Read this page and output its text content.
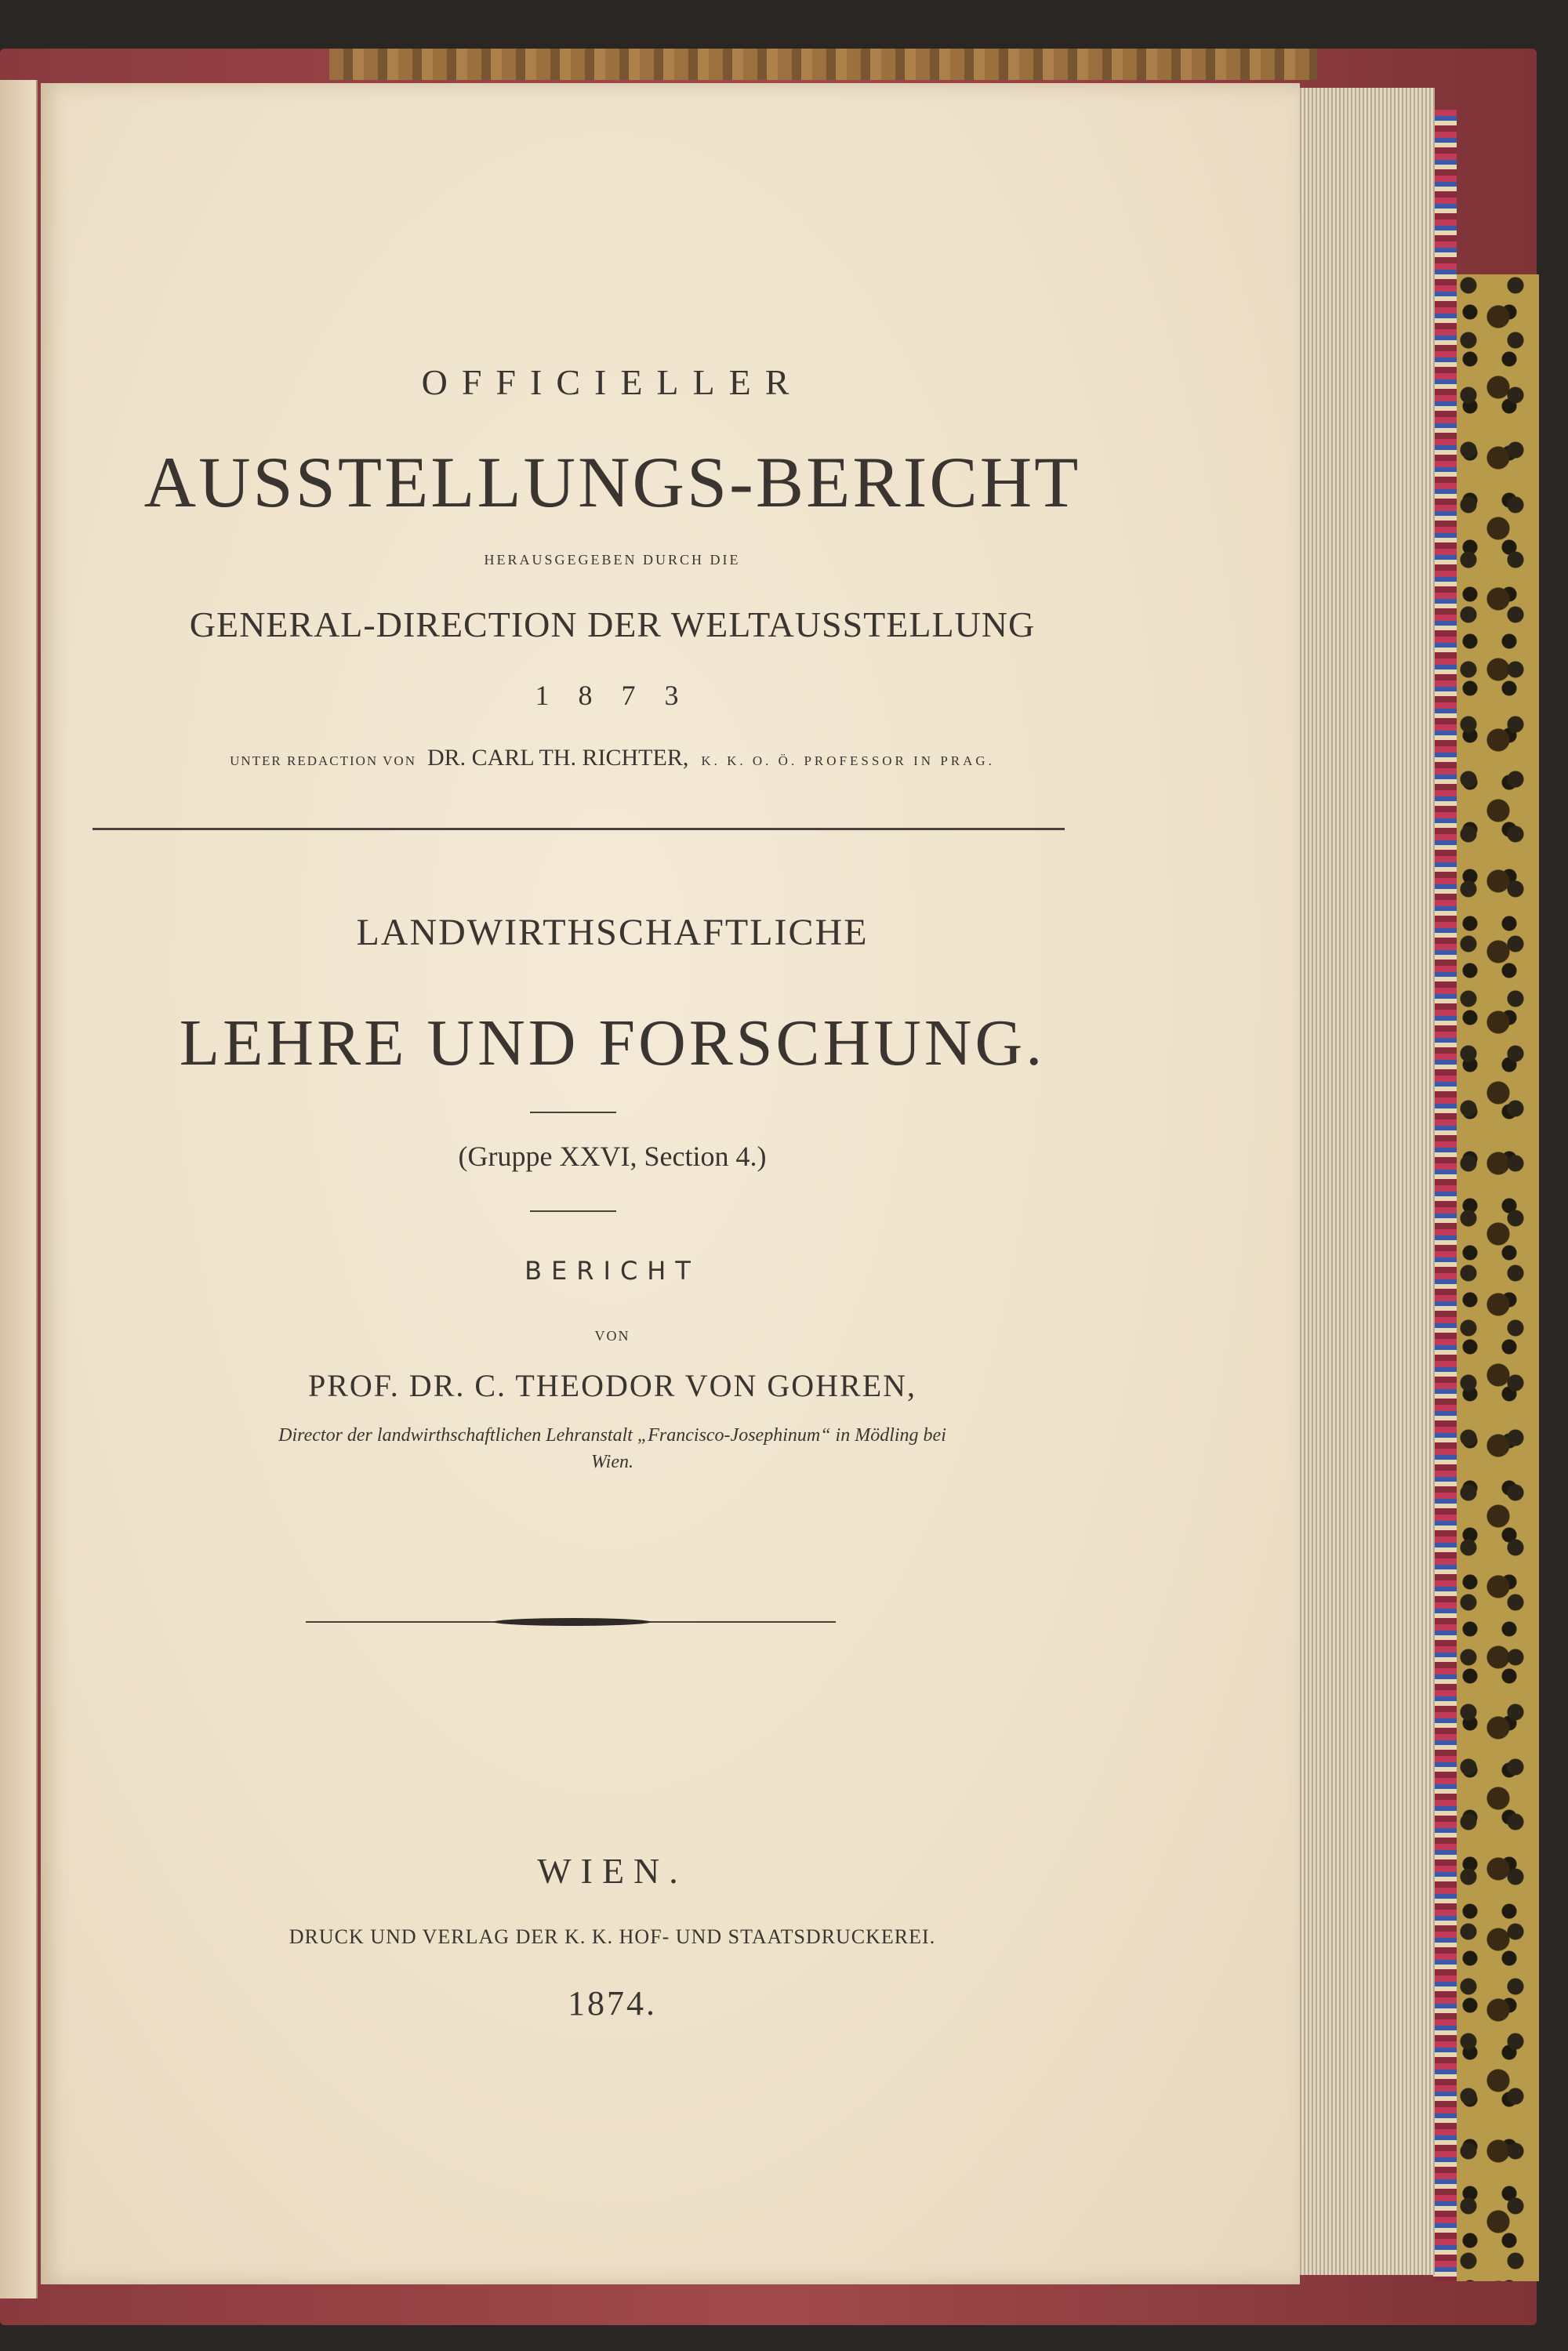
OFFICIELLER
AUSSTELLUNGS-BERICHT
HERAUSGEGEBEN DURCH DIE
GENERAL-DIRECTION DER WELTAUSSTELLUNG
1 8 7 3
UNTER REDACTION VON DR. CARL TH. RICHTER, K. K. O. Ö. PROFESSOR IN PRAG.
LANDWIRTHSCHAFTLICHE
LEHRE UND FORSCHUNG.
(Gruppe XXVI, Section 4.)
BERICHT
VON
PROF. DR. C. THEODOR VON GOHREN,
Director der landwirthschaftlichen Lehranstalt „Francisco-Josephinum“ in Mödling bei
Wien.
WIEN.
DRUCK UND VERLAG DER K. K. HOF- UND STAATSDRUCKEREI.
1874.
